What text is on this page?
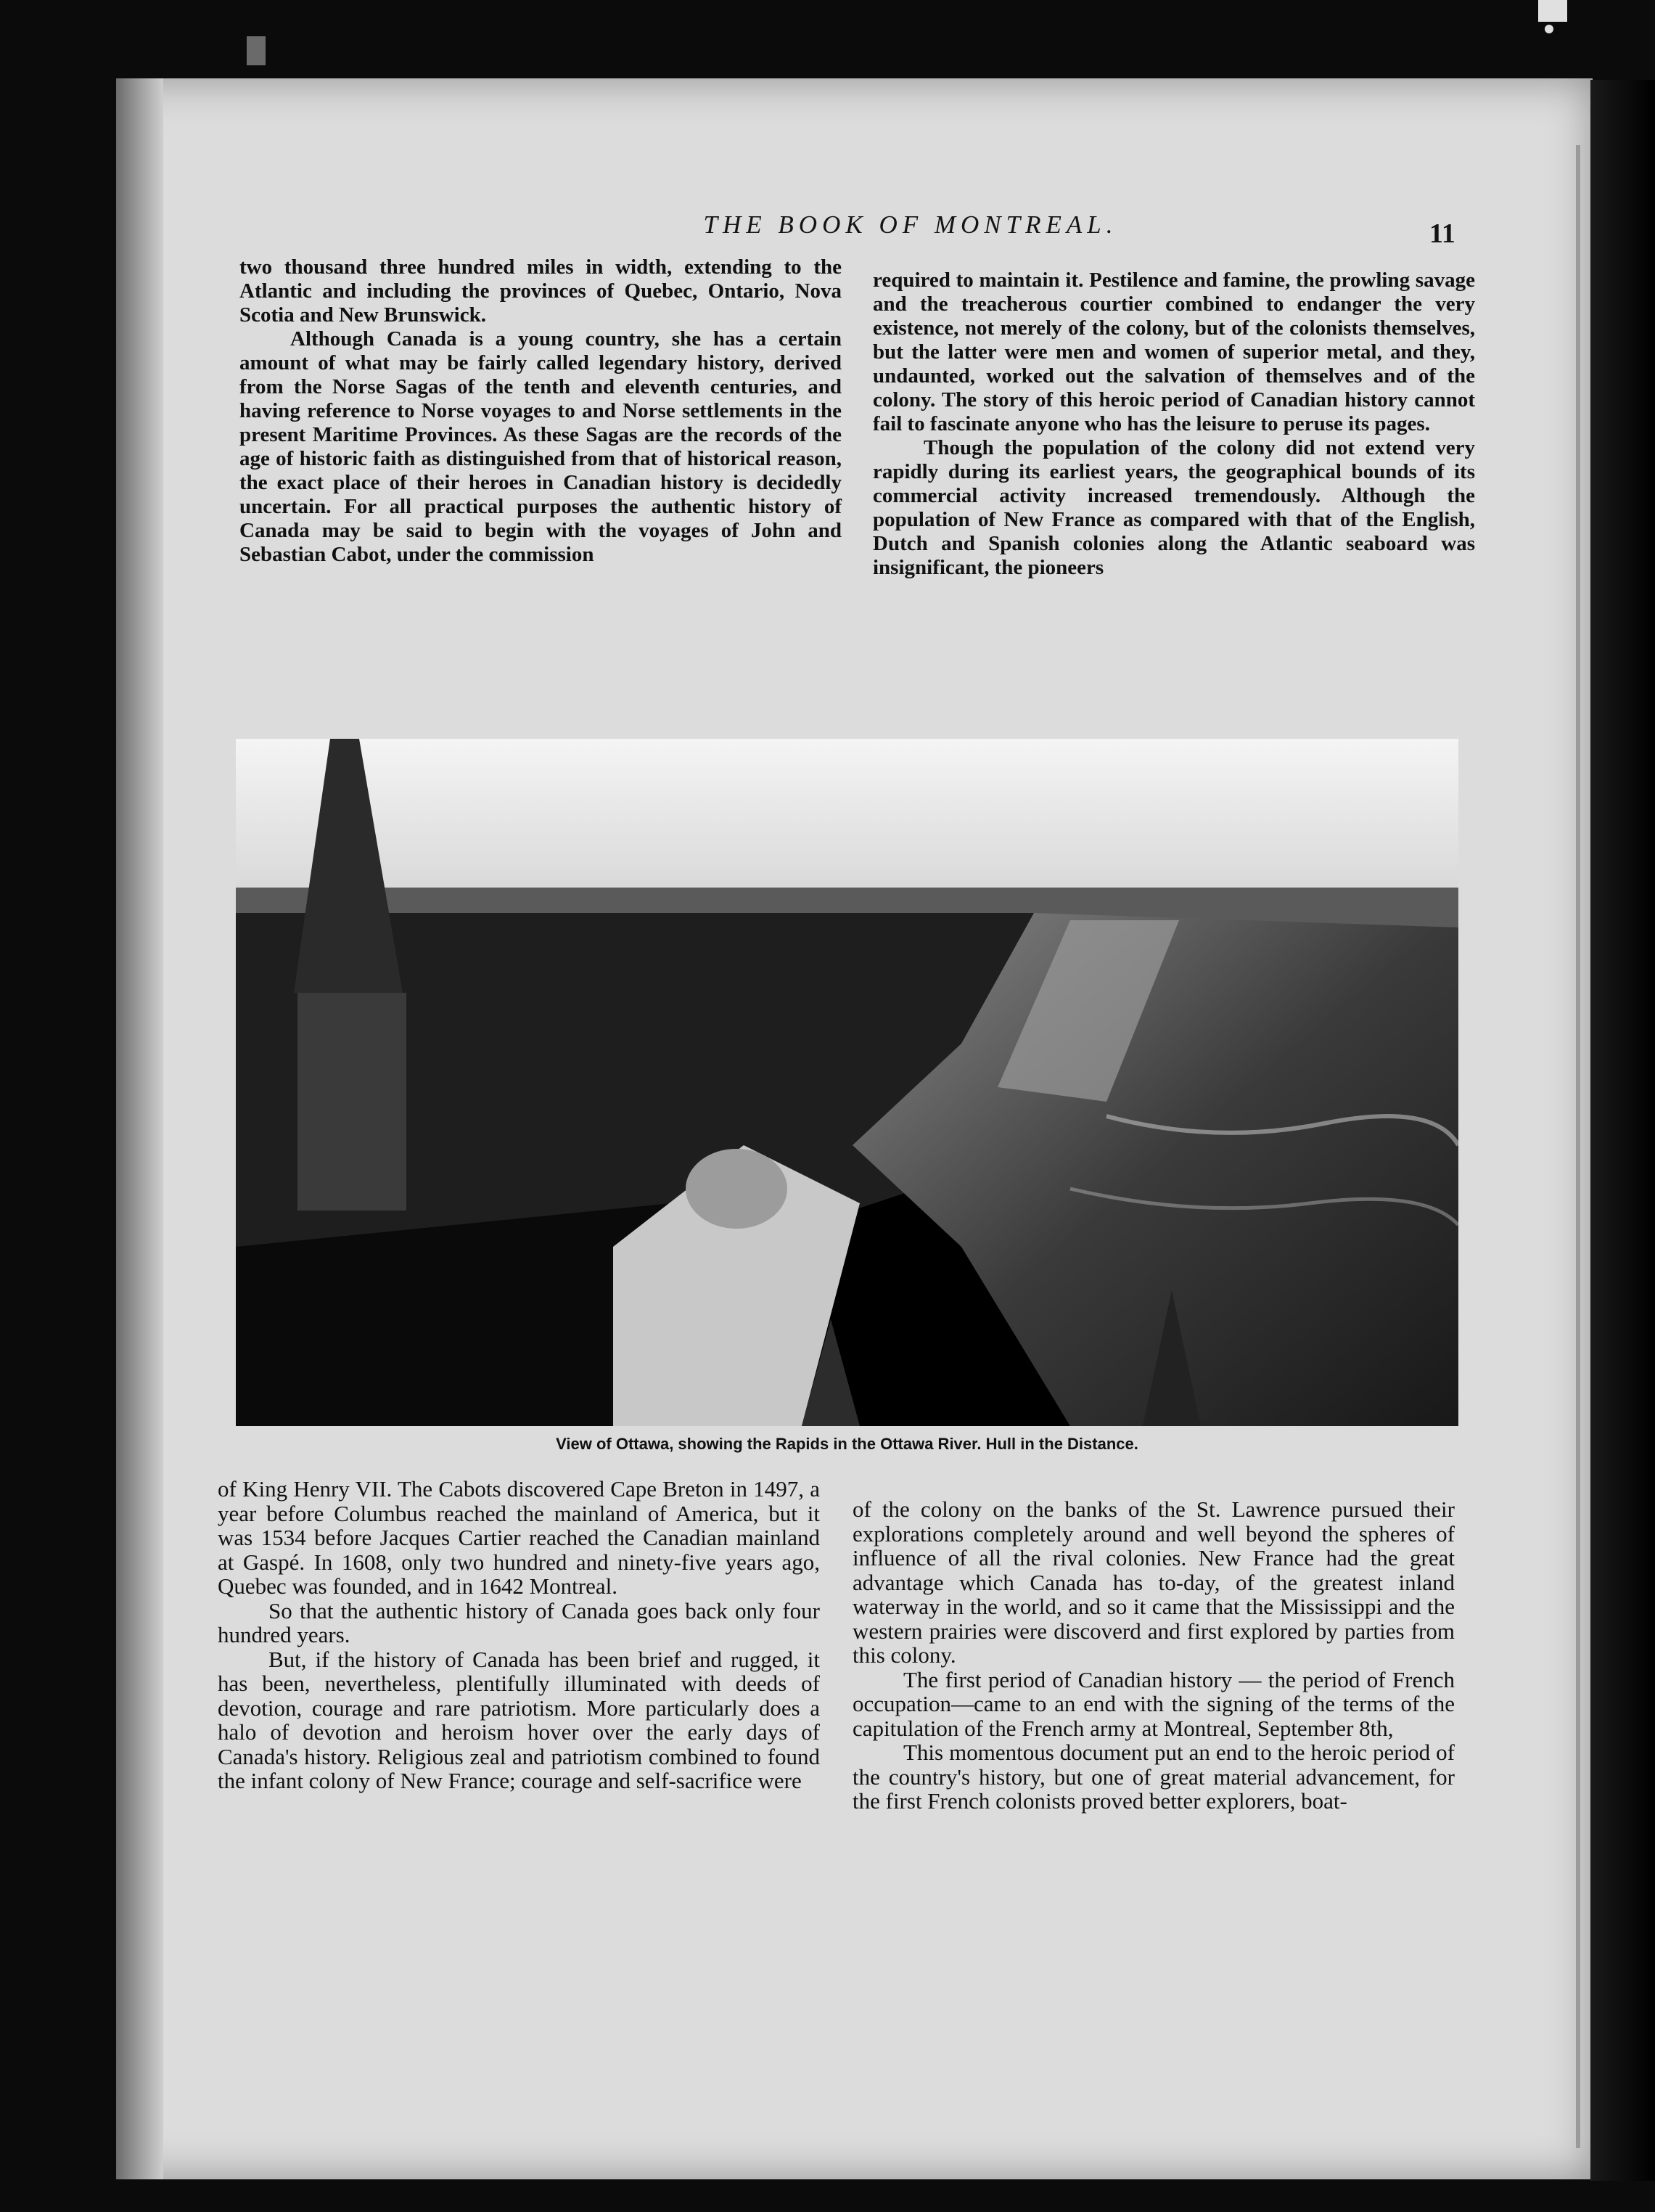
THE BOOK OF MONTREAL.	11

two thousand three hundred miles in width, extending to the Atlantic and including the provinces of Quebec, Ontario, Nova Scotia and New Brunswick.

Although Canada is a young country, she has a certain amount of what may be fairly called legendary history, derived from the Norse Sagas of the tenth and eleventh centuries, and having reference to Norse voyages to and Norse settlements in the present Maritime Provinces. As these Sagas are the records of the age of historic faith as distinguished from that of historical reason, the exact place of their heroes in Canadian history is decidedly uncertain. For all practical purposes the authentic history of Canada may be said to begin with the voyages of John and Sebastian Cabot, under the commission

required to maintain it. Pestilence and famine, the prowling savage and the treacherous courtier combined to endanger the very existence, not merely of the colony, but of the colonists themselves, but the latter were men and women of superior metal, and they, undaunted, worked out the salvation of themselves and of the colony. The story of this heroic period of Canadian history cannot fail to fascinate anyone who has the leisure to peruse its pages.

Though the population of the colony did not extend very rapidly during its earliest years, the geographical bounds of its commercial activity increased tremendously. Although the population of New France as compared with that of the English, Dutch and Spanish colonies along the Atlantic seaboard was insignificant, the pioneers

View of Ottawa, showing the Rapids in the Ottawa River. Hull in the Distance.

of King Henry VII. The Cabots discovered Cape Breton in 1497, a year before Columbus reached the mainland of America, but it was 1534 before Jacques Cartier reached the Canadian mainland at Gaspé. In 1608, only two hundred and ninety-five years ago, Quebec was founded, and in 1642 Montreal.

So that the authentic history of Canada goes back only four hundred years.

But, if the history of Canada has been brief and rugged, it has been, nevertheless, plentifully illuminated with deeds of devotion, courage and rare patriotism. More particularly does a halo of devotion and heroism hover over the early days of Canada's history. Religious zeal and patriotism combined to found the infant colony of New France; courage and self-sacrifice were

of the colony on the banks of the St. Lawrence pursued their explorations completely around and well beyond the spheres of influence of all the rival colonies. New France had the great advantage which Canada has to-day, of the greatest inland waterway in the world, and so it came that the Mississippi and the western prairies were discoverd and first explored by parties from this colony.

The first period of Canadian history — the period of French occupation—came to an end with the signing of the terms of the capitulation of the French army at Montreal, September 8th,

This momentous document put an end to the heroic period of the country's history, but one of great material advancement, for the first French colonists proved better explorers, boat-
